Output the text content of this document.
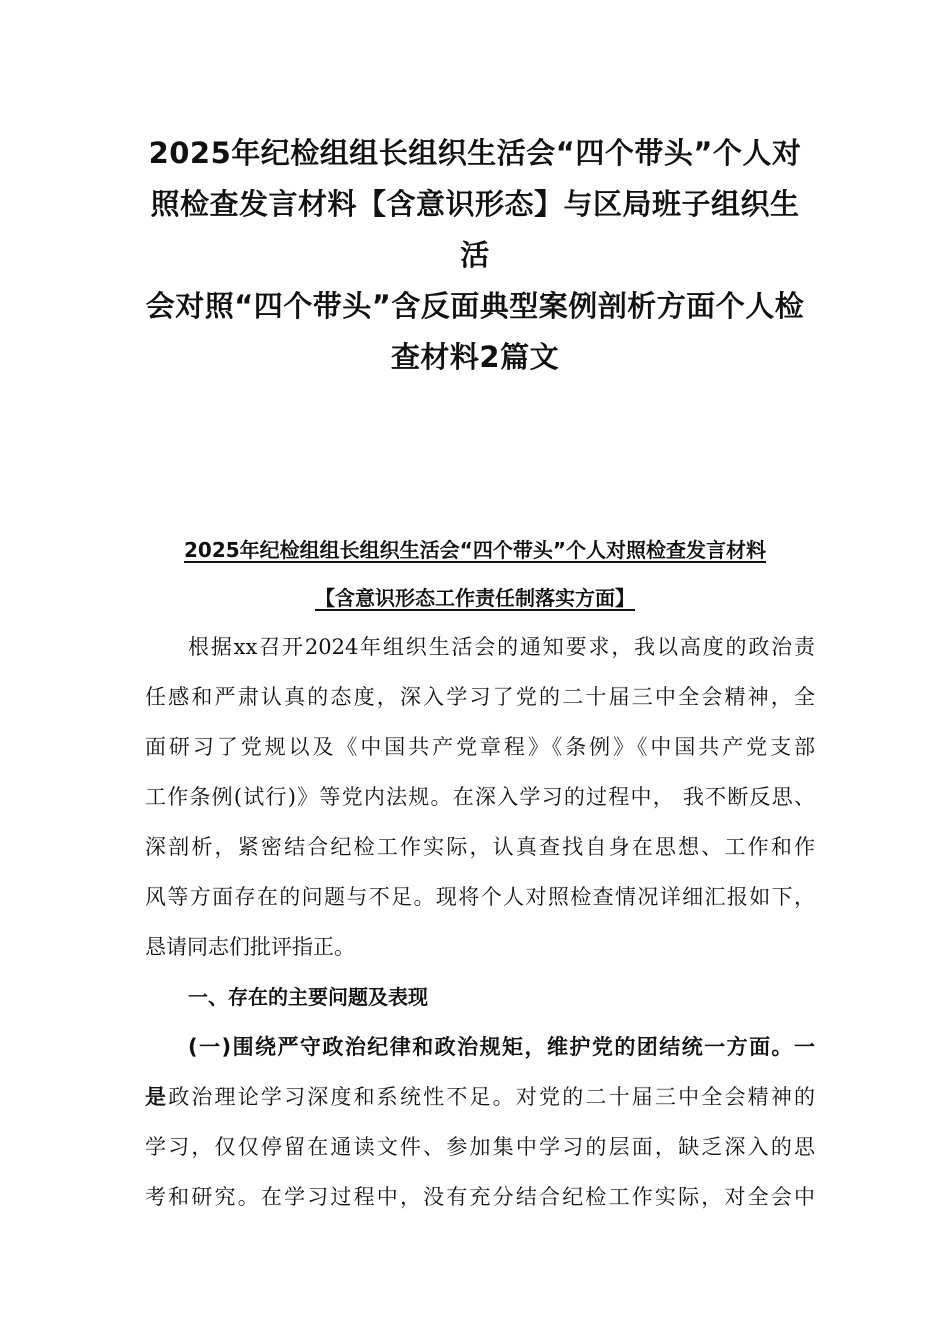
2025年纪检组组长组织生活会“四个带头”个人对
照检查发言材料【含意识形态】与区局班子组织生活
会对照“四个带头”含反面典型案例剖析方面个人检
查材料2篇文
2025年纪检组组长组织生活会“四个带头”个人对照检查发言材料
【含意识形态工作责任制落实方面】
根据xx召开2024年组织生活会的通知要求，我以高度的政治责
任感和严肃认真的态度，深入学习了党的二十届三中全会精神，全
面研习了党规以及《中国共产党章程》《条例》《中国共产党支部
工作条例(试行)》等党内法规。在深入学习的过程中， 我不断反思、
深剖析，紧密结合纪检工作实际，认真查找自身在思想、工作和作
风等方面存在的问题与不足。现将个人对照检查情况详细汇报如下，
恳请同志们批评指正。
一、存在的主要问题及表现
(一)围绕严守政治纪律和政治规矩，维护党的团结统一方面。一
是政治理论学习深度和系统性不足。对党的二十届三中全会精神的
学习，仅仅停留在通读文件、参加集中学习的层面，缺乏深入的思
考和研究。在学习过程中，没有充分结合纪检工作实际，对全会中
